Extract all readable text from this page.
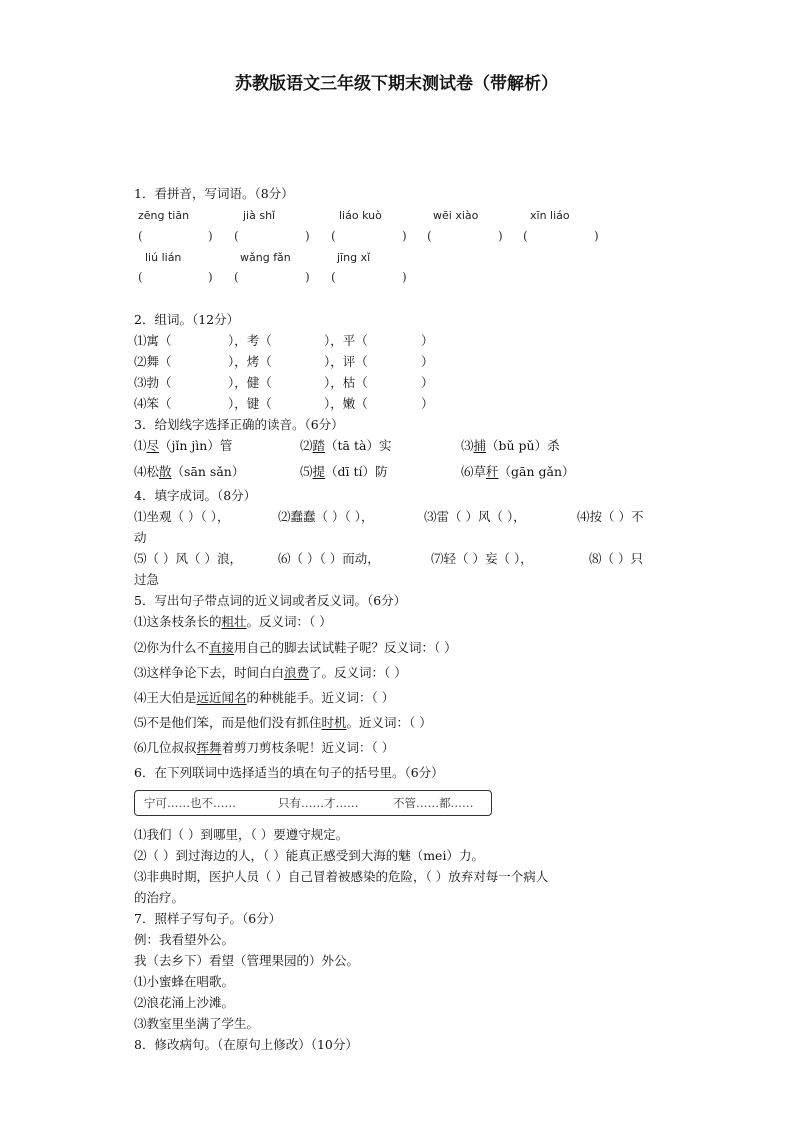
苏教版语文三年级下期末测试卷（带解析）
1．看拼音，写词语。（8分）
zēng tiān	jià shǐ	liáo kuò	wēi xiào	xīn liáo
(	) (	) (	) (	) (	)
liú lián	wǎng fǎn	jīng xǐ
(	) (	) (	)
2．组词。（12分）
⑴寓（	），考（	），平（	）
⑵舞（	），烤（	），评（	）
⑶勃（	），健（	），枯（	）
⑷笨（	），键（	），嫩（	）
3．给划线字选择正确的读音。（6分）
⑴尽（jǐn jìn）管	⑵踏（tā tà）实	⑶捕（bǔ pǔ）杀
⑷松散（sān sǎn）	⑸提（dī tí）防	⑹草秆（gān gǎn）
4．填字成词。（8分）
⑴坐观（ ）（ ），	⑵蠢蠢（ ）（ ），	⑶雷（ ）风（ ），	⑷按（ ）不
动
⑸（ ）风（ ）浪，	⑹（ ）（ ）而动，	⑺轻（ ）妄（ ），	⑻（ ）只
过急
5．写出句子带点词的近义词或者反义词。（6分）
⑴这条枝条长的粗壮。反义词：（ ）
⑵你为什么不直接用自己的脚去试试鞋子呢？反义词：（ ）
⑶这样争论下去，时间白白浪费了。反义词：（ ）
⑷王大伯是远近闻名的种桃能手。近义词：（ ）
⑸不是他们笨，而是他们没有抓住时机。近义词：（ ）
⑹几位叔叔挥舞着剪刀剪枝条呢！近义词：（ ）
6．在下列联词中选择适当的填在句子的括号里。（6分）
宁可……也不……	只有……才……	不管……都……
⑴我们（ ）到哪里，（ ）要遵守规定。
⑵（ ）到过海边的人，（ ）能真正感受到大海的魅（mei）力。
⑶非典时期，医护人员（ ）自己冒着被感染的危险，（ ）放弃对每一个病人
的治疗。
7．照样子写句子。（6分）
例：我看望外公。
我（去乡下）看望（管理果园的）外公。
⑴小蜜蜂在唱歌。
⑵浪花涌上沙滩。
⑶教室里坐满了学生。
8．修改病句。（在原句上修改）（10分）
